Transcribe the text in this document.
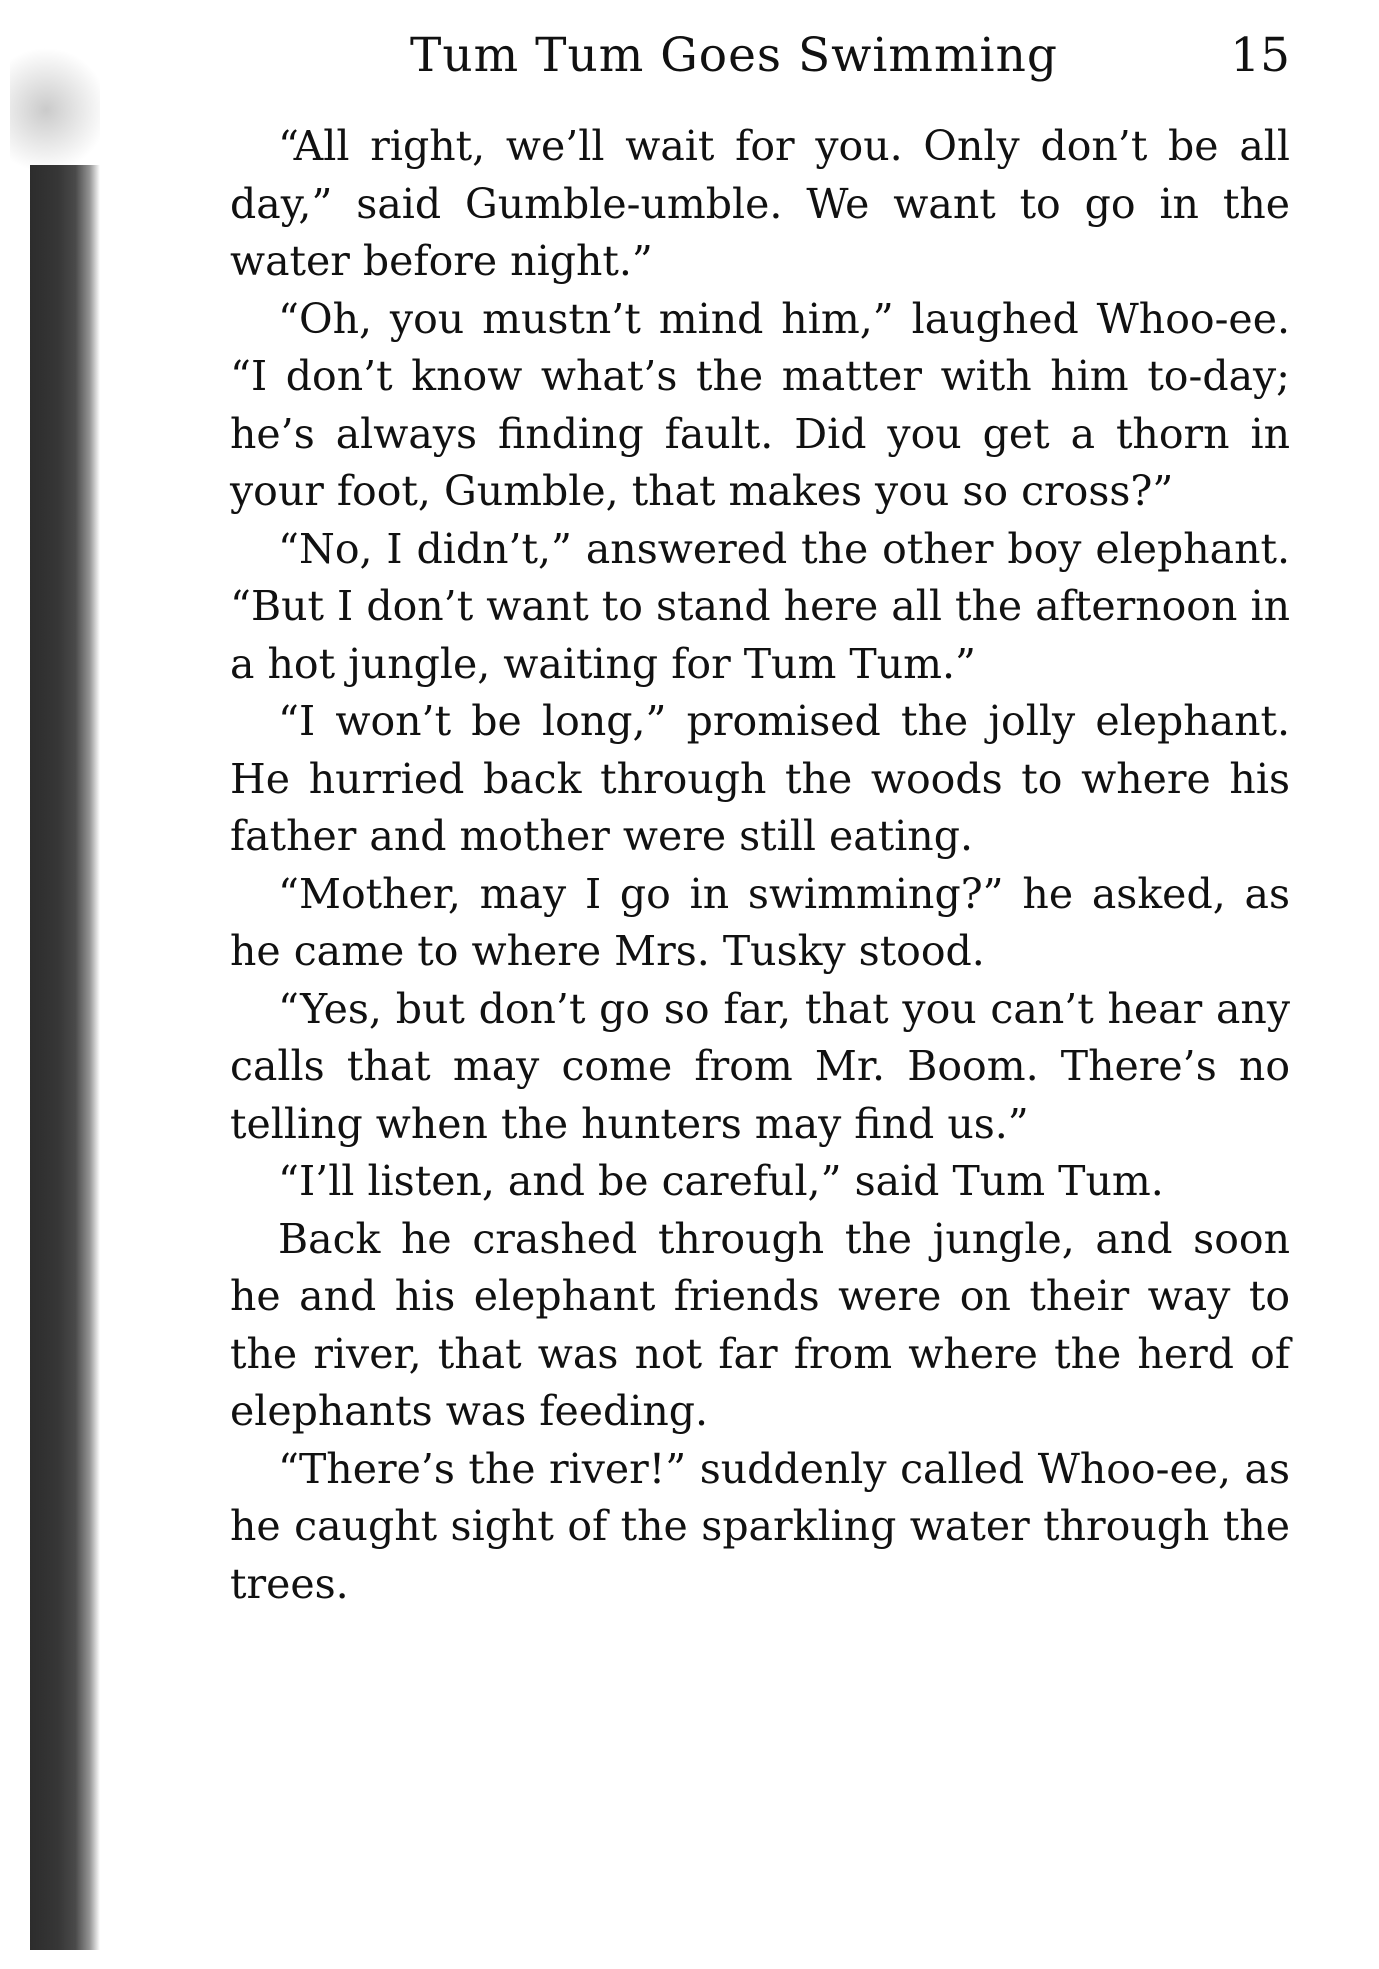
Tum Tum Goes Swimming	15

“All right, we’ll wait for you. Only don’t be all day,” said Gumble-umble. We want to go in the water before night.”

“Oh, you mustn’t mind him,” laughed Whoo-ee. “I don’t know what’s the matter with him to-day; he’s always finding fault. Did you get a thorn in your foot, Gumble, that makes you so cross?”

“No, I didn’t,” answered the other boy elephant. “But I don’t want to stand here all the afternoon in a hot jungle, waiting for Tum Tum.”

“I won’t be long,” promised the jolly elephant. He hurried back through the woods to where his father and mother were still eating.

“Mother, may I go in swimming?” he asked, as he came to where Mrs. Tusky stood.

“Yes, but don’t go so far, that you can’t hear any calls that may come from Mr. Boom. There’s no telling when the hunters may find us.”

“I’ll listen, and be careful,” said Tum Tum.

Back he crashed through the jungle, and soon he and his elephant friends were on their way to the river, that was not far from where the herd of elephants was feeding.

“There’s the river!” suddenly called Whoo-ee, as he caught sight of the sparkling water through the trees.
